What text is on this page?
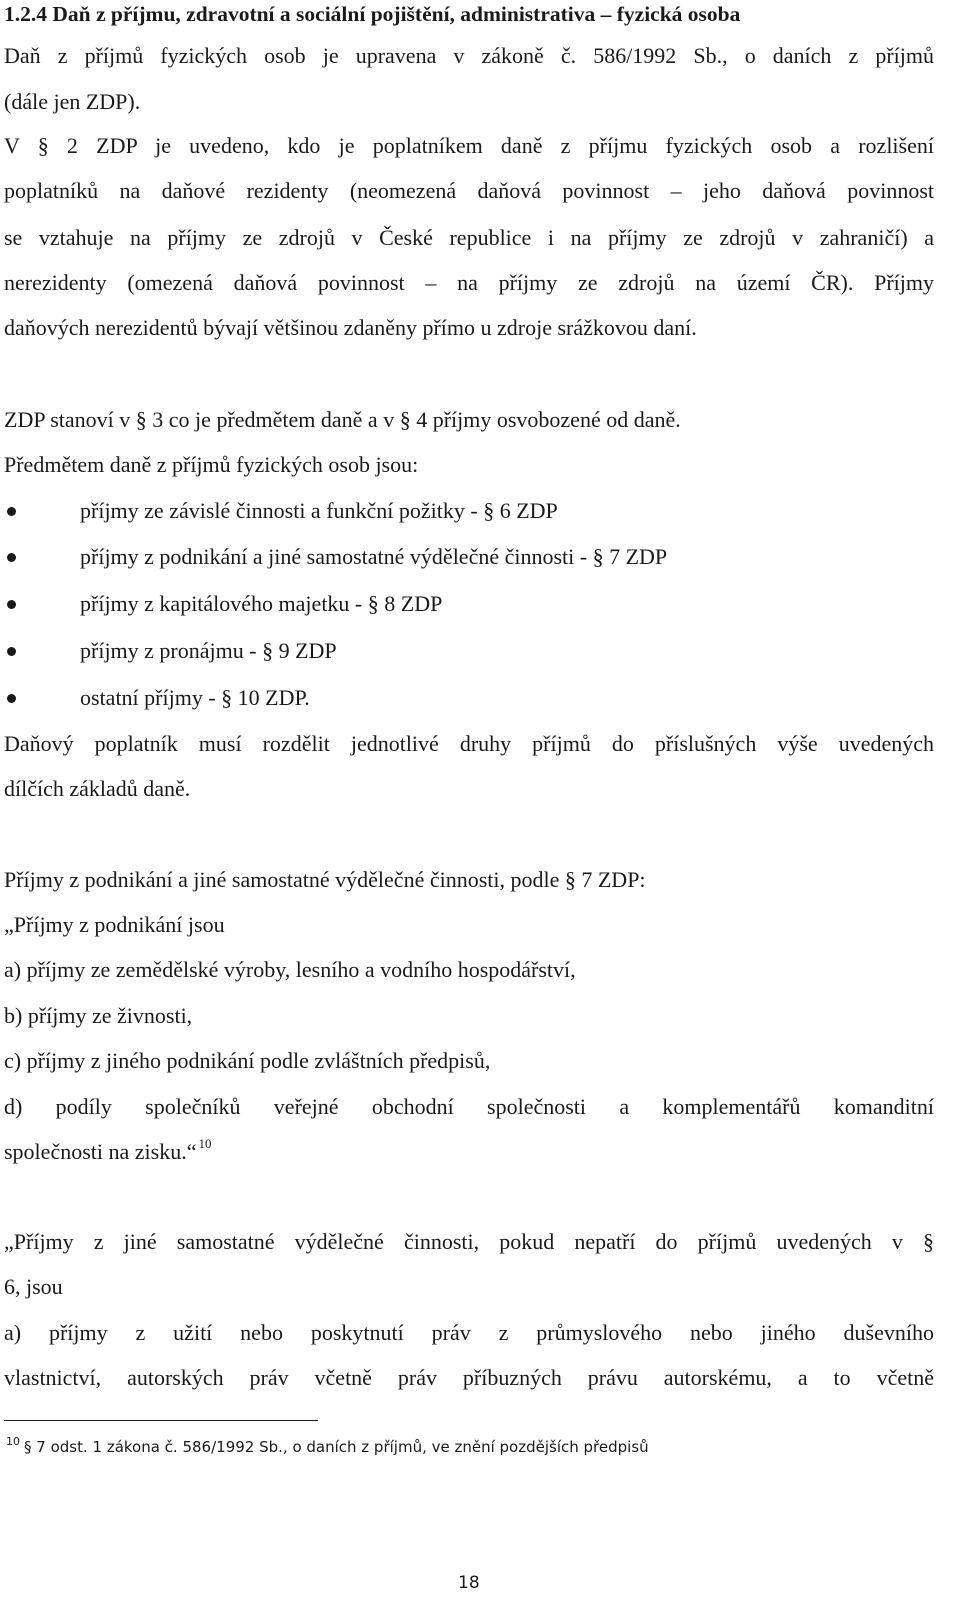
1.2.4 Daň z příjmu, zdravotní a sociální pojištění, administrativa – fyzická osoba
Daň z příjmů fyzických osob je upravena v zákoně č. 586/1992 Sb., o daních z příjmů
(dále jen ZDP).
V § 2 ZDP je uvedeno, kdo je poplatníkem daně z příjmu fyzických osob a rozlišení
poplatníků na daňové rezidenty (neomezená daňová povinnost – jeho daňová povinnost
se vztahuje na příjmy ze zdrojů v České republice i na příjmy ze zdrojů v zahraničí) a
nerezidenty (omezená daňová povinnost – na příjmy ze zdrojů na území ČR). Příjmy
daňových nerezidentů bývají většinou zdaněny přímo u zdroje srážkovou daní.
ZDP stanoví v § 3 co je předmětem daně a v § 4 příjmy osvobozené od daně.
Předmětem daně z příjmů fyzických osob jsou:
příjmy ze závislé činnosti a funkční požitky - § 6 ZDP
příjmy z podnikání a jiné samostatné výdělečné činnosti - § 7 ZDP
příjmy z kapitálového majetku - § 8 ZDP
příjmy z pronájmu - § 9 ZDP
ostatní příjmy - § 10 ZDP.
Daňový poplatník musí rozdělit jednotlivé druhy příjmů do příslušných výše uvedených
dílčích základů daně.
Příjmy z podnikání a jiné samostatné výdělečné činnosti, podle § 7 ZDP:
„Příjmy z podnikání jsou
a) příjmy ze zemědělské výroby, lesního a vodního hospodářství,
b) příjmy ze živnosti,
c) příjmy z jiného podnikání podle zvláštních předpisů,
d) podíly společníků veřejné obchodní společnosti a komplementářů komanditní
společnosti na zisku.“ $^{10}$
„Příjmy z jiné samostatné výdělečné činnosti, pokud nepatří do příjmů uvedených v §
6, jsou
a) příjmy z užití nebo poskytnutí práv z průmyslového nebo jiného duševního
vlastnictví, autorských práv včetně práv příbuzných právu autorskému, a to včetně
$^{10}$ § 7 odst. 1 zákona č. 586/1992 Sb., o daních z příjmů, ve znění pozdějších předpisů
18
